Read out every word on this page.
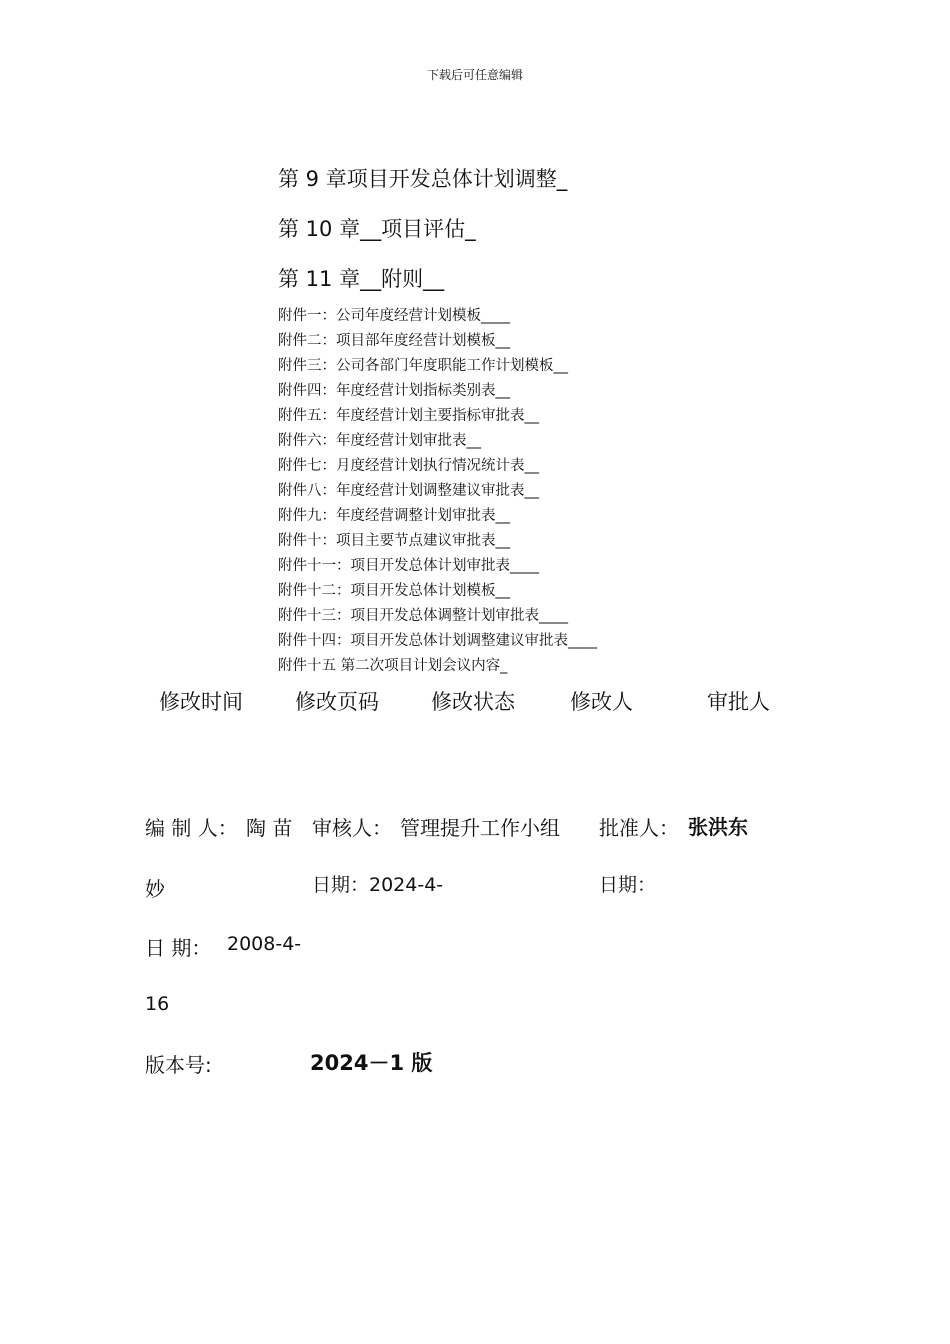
下载后可任意编辑
第 9 章项目开发总体计划调整_
第 10 章__项目评估_
第 11 章__附则__
附件一：公司年度经营计划模板____
附件二：项目部年度经营计划模板__
附件三：公司各部门年度职能工作计划模板__
附件四：年度经营计划指标类别表__
附件五：年度经营计划主要指标审批表__
附件六：年度经营计划审批表__
附件七：月度经营计划执行情况统计表__
附件八：年度经营计划调整建议审批表__
附件九：年度经营调整计划审批表__
附件十：项目主要节点建议审批表__
附件十一：项目开发总体计划审批表____
附件十二：项目开发总体计划模板__
附件十三：项目开发总体调整计划审批表____
附件十四：项目开发总体计划调整建议审批表____
附件十五 第二次项目计划会议内容_
修改时间 修改页码 修改状态	修改人	审批人
编 制 人： 陶 苗 审核人： 管理提升工作小组 批准人： 张洪东
妙	日期：2024-4-	日期：
日 期： 2008-4-
16
版本号:	2024－1 版
